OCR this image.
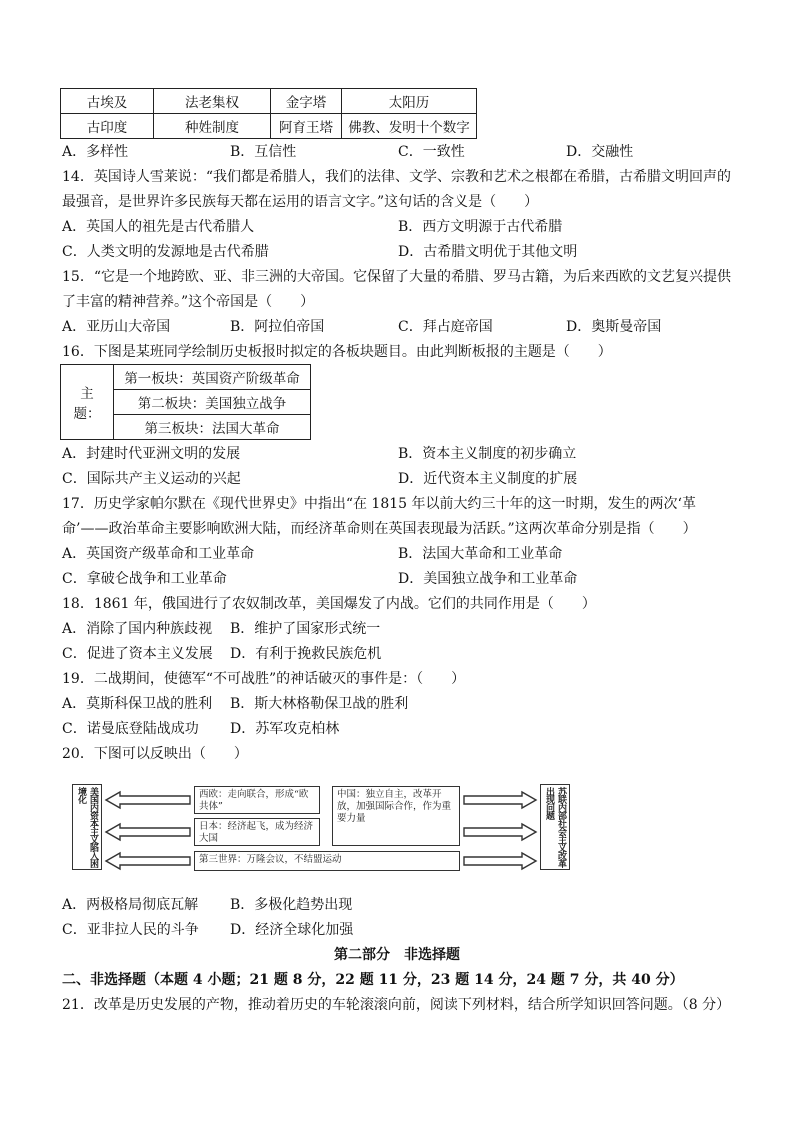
古埃及	法老集权	金字塔	太阳历
古印度	种姓制度	阿育王塔	佛教、发明十个数字
A．多样性	B．互信性	C．一致性	D．交融性
14．英国诗人雪莱说：“我们都是希腊人，我们的法律、文学、宗教和艺术之根都在希腊，古希腊文明回声的
最强音，是世界许多民族每天都在运用的语言文字。”这句话的含义是（　　）
A．英国人的祖先是古代希腊人	B．西方文明源于古代希腊
C．人类文明的发源地是古代希腊	D．古希腊文明优于其他文明
15．“它是一个地跨欧、亚、非三洲的大帝国。它保留了大量的希腊、罗马古籍，为后来西欧的文艺复兴提供
了丰富的精神营养。”这个帝国是（　　）
A．亚历山大帝国	B．阿拉伯帝国	C．拜占庭帝国	D．奥斯曼帝国
16．下图是某班同学绘制历史板报时拟定的各板块题目。由此判断板报的主题是（　　）
主题：	第一板块：英国资产阶级革命
第二板块：美国独立战争
第三板块：法国大革命
A．封建时代亚洲文明的发展	B．资本主义制度的初步确立
C．国际共产主义运动的兴起	D．近代资本主义制度的扩展
17．历史学家帕尔默在《现代世界史》中指出“在 1815 年以前大约三十年的这一时期，发生的两次‘革
命’——政治革命主要影响欧洲大陆，而经济革命则在英国表现最为活跃。”这两次革命分别是指（　　）
A．英国资产级革命和工业革命	B．法国大革命和工业革命
C．拿破仑战争和工业革命	D．美国独立战争和工业革命
18．1861 年，俄国进行了农奴制改革，美国爆发了内战。它们的共同作用是（　　）
A．消除了国内种族歧视 B．维护了国家形式统一
C．促进了资本主义发展 D．有利于挽救民族危机
19．二战期间，使德军“不可战胜”的神话破灭的事件是：（　　）
A．莫斯科保卫战的胜利 B．斯大林格勒保卫战的胜利
C．诺曼底登陆战成功 D．苏军攻克柏林
20．下图可以反映出（　　）
美国内资本主义陷入困境化	苏联内部社会主义改革出现问题
西欧：走向联合，形成“欧共体”
日本：经济起飞，成为经济大国
中国：独立自主，改革开放，加强国际合作，作为重要力量
第三世界：万隆会议，不结盟运动
A．两极格局彻底瓦解 B．多极化趋势出现
C．亚非拉人民的斗争 D．经济全球化加强
第二部分　非选择题
二、非选择题（本题 4 小题；21 题 8 分，22 题 11 分，23 题 14 分，24 题 7 分，共 40 分）
21．改革是历史发展的产物，推动着历史的车轮滚滚向前，阅读下列材料，结合所学知识回答问题。（8 分）
